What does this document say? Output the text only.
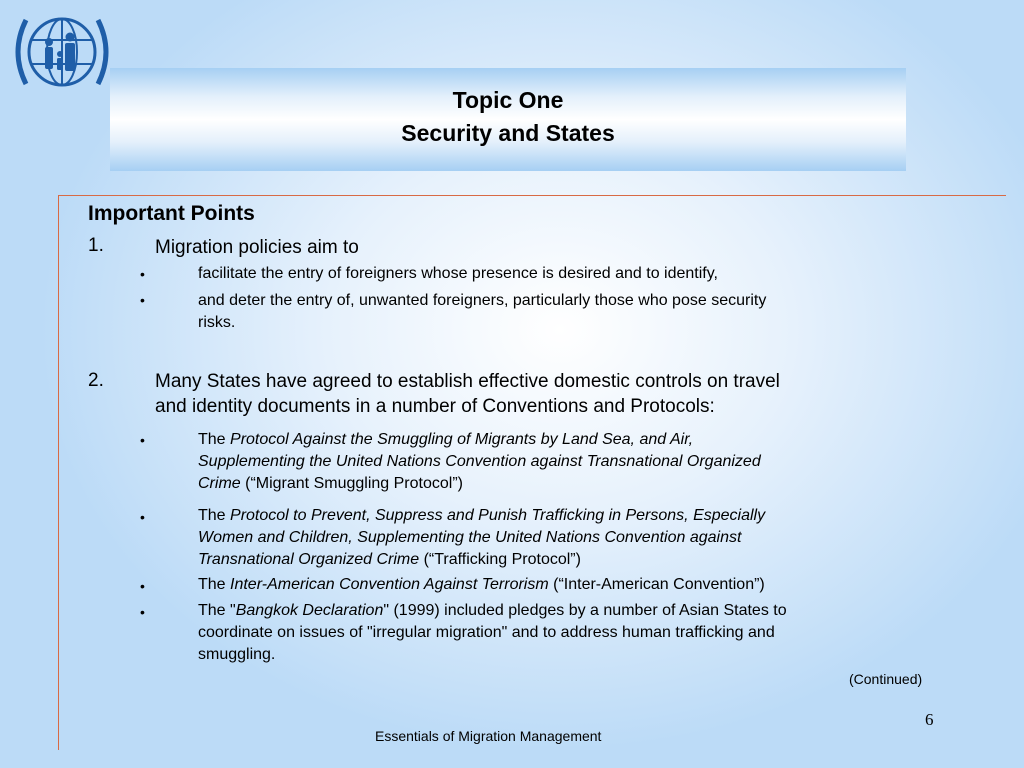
Topic One
Security and States
Important Points
1.	Migration policies aim to
•	facilitate the entry of foreigners whose presence is desired and to identify,
•	and deter the entry of, unwanted foreigners, particularly those who pose security
risks.
2.	Many States have agreed to establish effective domestic controls on travel
and identity documents in a number of Conventions and Protocols:
•	The Protocol Against the Smuggling of Migrants by Land Sea, and Air,
Supplementing the United Nations Convention against Transnational Organized
Crime (“Migrant Smuggling Protocol”)
•	The Protocol to Prevent, Suppress and Punish Trafficking in Persons, Especially
Women and Children, Supplementing the United Nations Convention against
Transnational Organized Crime (“Trafficking Protocol”)
•	The Inter-American Convention Against Terrorism (“Inter-American Convention”)
•	The "Bangkok Declaration" (1999) included pledges by a number of Asian States to
coordinate on issues of "irregular migration" and to address human trafficking and
smuggling.
(Continued)
6
Essentials of Migration Management
